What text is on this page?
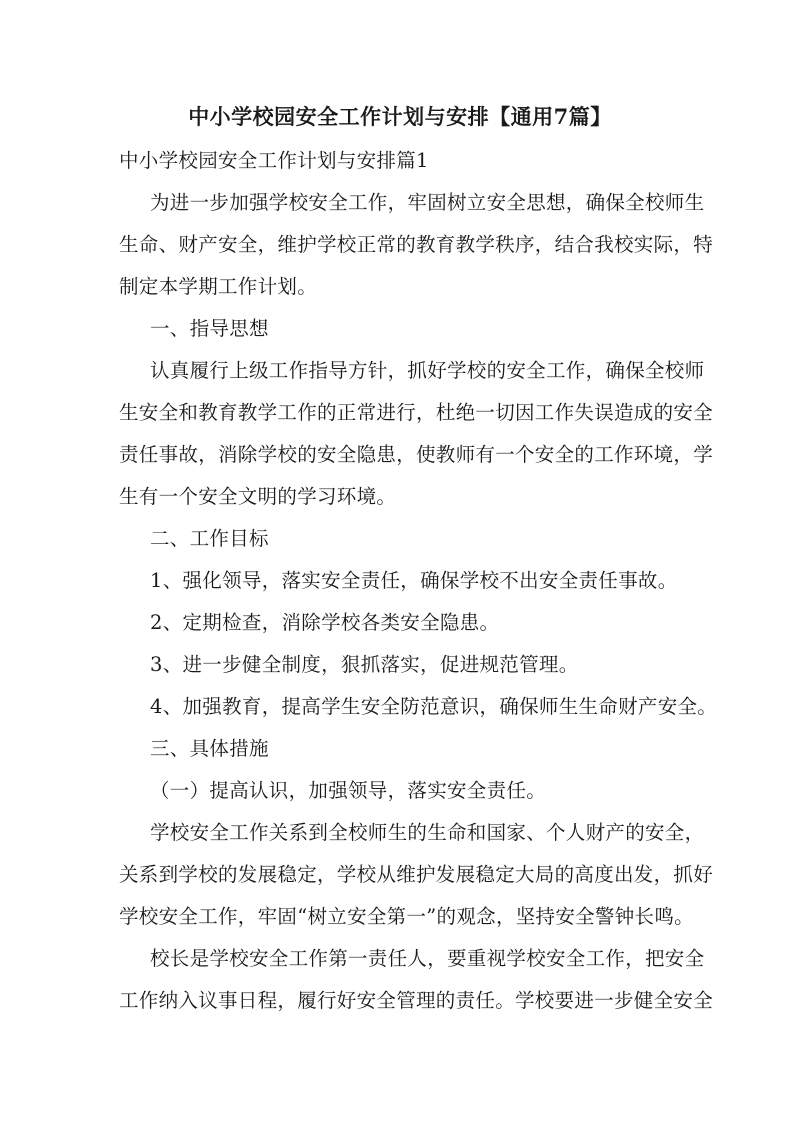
中小学校园安全工作计划与安排【通用7篇】
中小学校园安全工作计划与安排篇1
为进一步加强学校安全工作，牢固树立安全思想，确保全校师生
生命、财产安全，维护学校正常的教育教学秩序，结合我校实际，特
制定本学期工作计划。
一、指导思想
认真履行上级工作指导方针，抓好学校的安全工作，确保全校师
生安全和教育教学工作的正常进行，杜绝一切因工作失误造成的安全
责任事故，消除学校的安全隐患，使教师有一个安全的工作环境，学
生有一个安全文明的学习环境。
二、工作目标
1、强化领导，落实安全责任，确保学校不出安全责任事故。
2、定期检查，消除学校各类安全隐患。
3、进一步健全制度，狠抓落实，促进规范管理。
4、加强教育，提高学生安全防范意识，确保师生生命财产安全。
三、具体措施
（一）提高认识，加强领导，落实安全责任。
学校安全工作关系到全校师生的生命和国家、个人财产的安全，
关系到学校的发展稳定，学校从维护发展稳定大局的高度出发，抓好
学校安全工作，牢固“树立安全第一”的观念，坚持安全警钟长鸣。
校长是学校安全工作第一责任人，要重视学校安全工作，把安全
工作纳入议事日程，履行好安全管理的责任。学校要进一步健全安全
